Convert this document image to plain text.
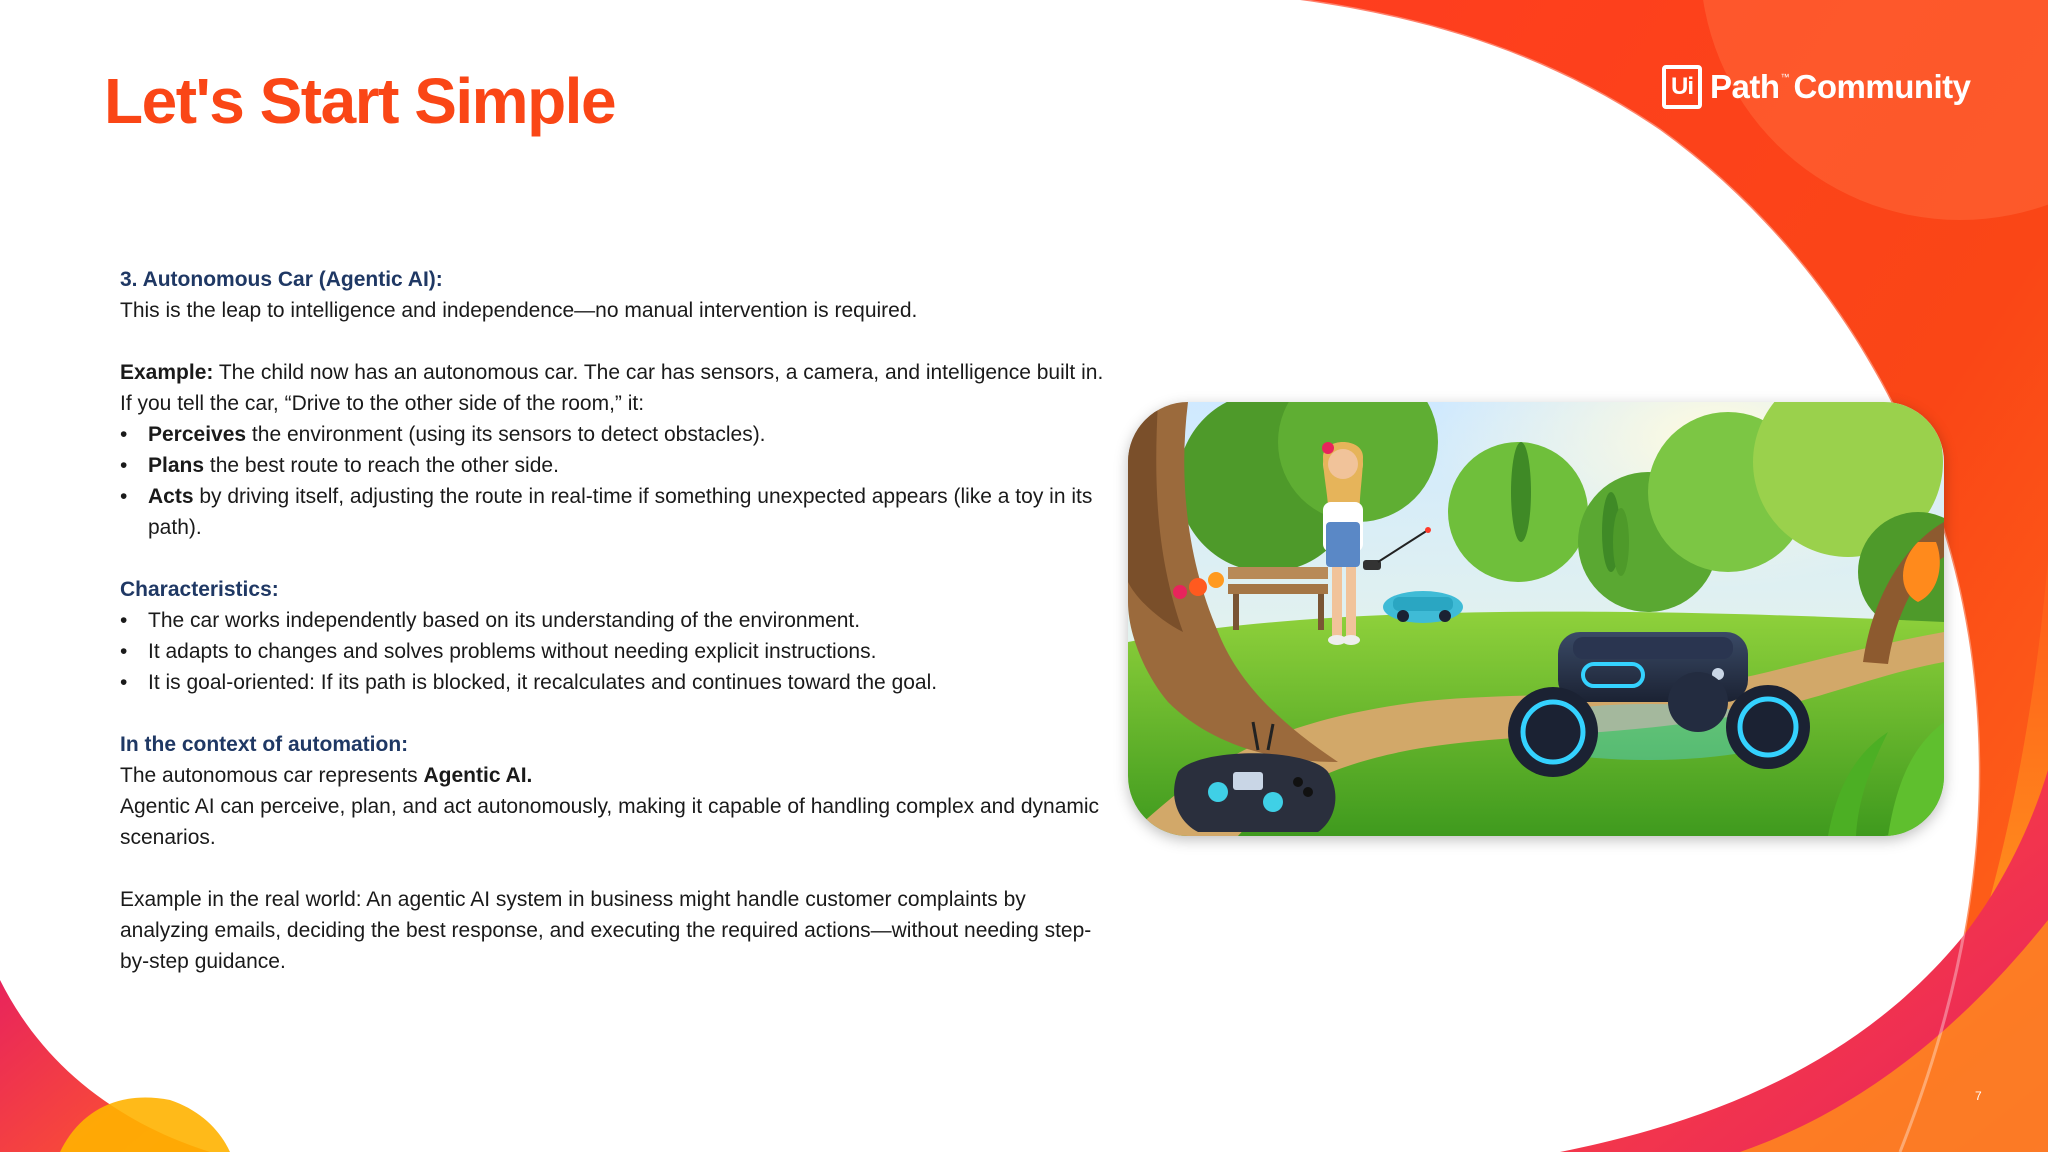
Let's Start Simple	Ui Path ™ Community

3. Autonomous Car (Agentic AI):

This is the leap to intelligence and independence—no manual intervention is required.

Example: The child now has an autonomous car. The car has sensors, a camera, and intelligence built in. If you tell the car, “Drive to the other side of the room,” it:

• Perceives the environment (using its sensors to detect obstacles).
• Plans the best route to reach the other side.
• Acts by driving itself, adjusting the route in real-time if something unexpected appears (like a toy in its path).

Characteristics:

• The car works independently based on its understanding of the environment.
• It adapts to changes and solves problems without needing explicit instructions.
• It is goal-oriented: If its path is blocked, it recalculates and continues toward the goal.

In the context of automation:

The autonomous car represents Agentic AI.

Agentic AI can perceive, plan, and act autonomously, making it capable of handling complex and dynamic scenarios.

Example in the real world: An agentic AI system in business might handle customer complaints by analyzing emails, deciding the best response, and executing the required actions—without needing step-by-step guidance.

7
